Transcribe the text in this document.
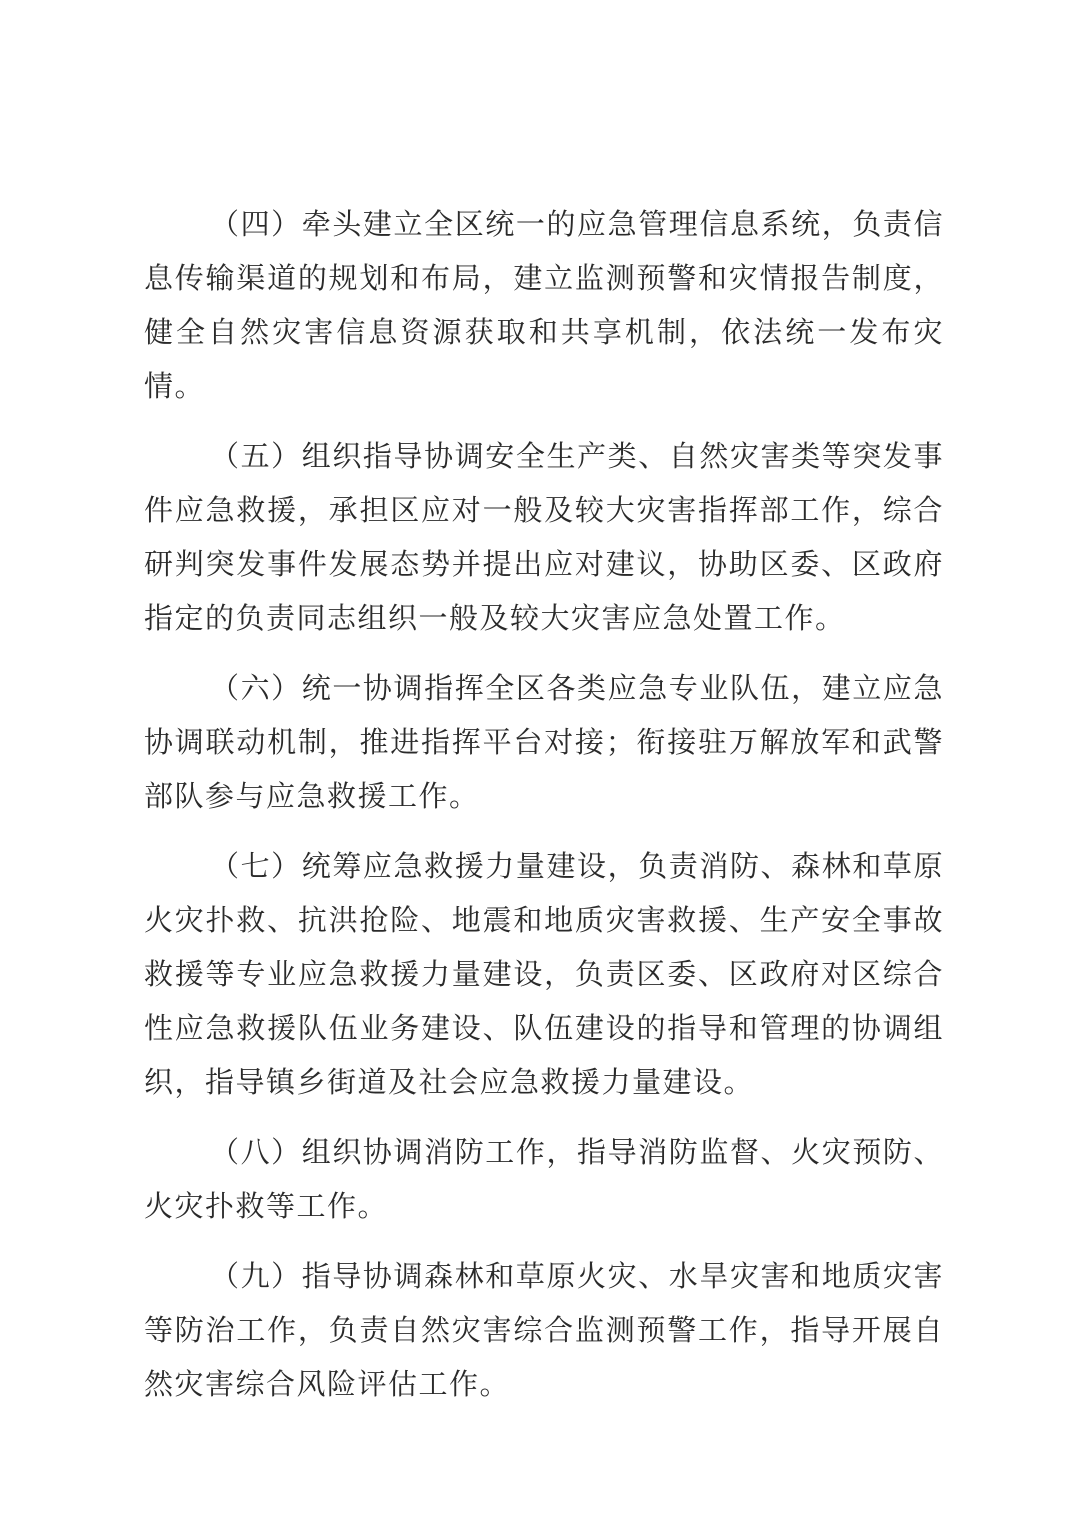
（四）牵头建立全区统一的应急管理信息系统，负责信息传输渠道的规划和布局，建立监测预警和灾情报告制度，健全自然灾害信息资源获取和共享机制，依法统一发布灾情。

（五）组织指导协调安全生产类、自然灾害类等突发事件应急救援，承担区应对一般及较大灾害指挥部工作，综合研判突发事件发展态势并提出应对建议，协助区委、区政府指定的负责同志组织一般及较大灾害应急处置工作。

（六）统一协调指挥全区各类应急专业队伍，建立应急协调联动机制，推进指挥平台对接；衔接驻万解放军和武警部队参与应急救援工作。

（七）统筹应急救援力量建设，负责消防、森林和草原火灾扑救、抗洪抢险、地震和地质灾害救援、生产安全事故救援等专业应急救援力量建设，负责区委、区政府对区综合性应急救援队伍业务建设、队伍建设的指导和管理的协调组织，指导镇乡街道及社会应急救援力量建设。

（八）组织协调消防工作，指导消防监督、火灾预防、火灾扑救等工作。

（九）指导协调森林和草原火灾、水旱灾害和地质灾害等防治工作，负责自然灾害综合监测预警工作，指导开展自然灾害综合风险评估工作。
